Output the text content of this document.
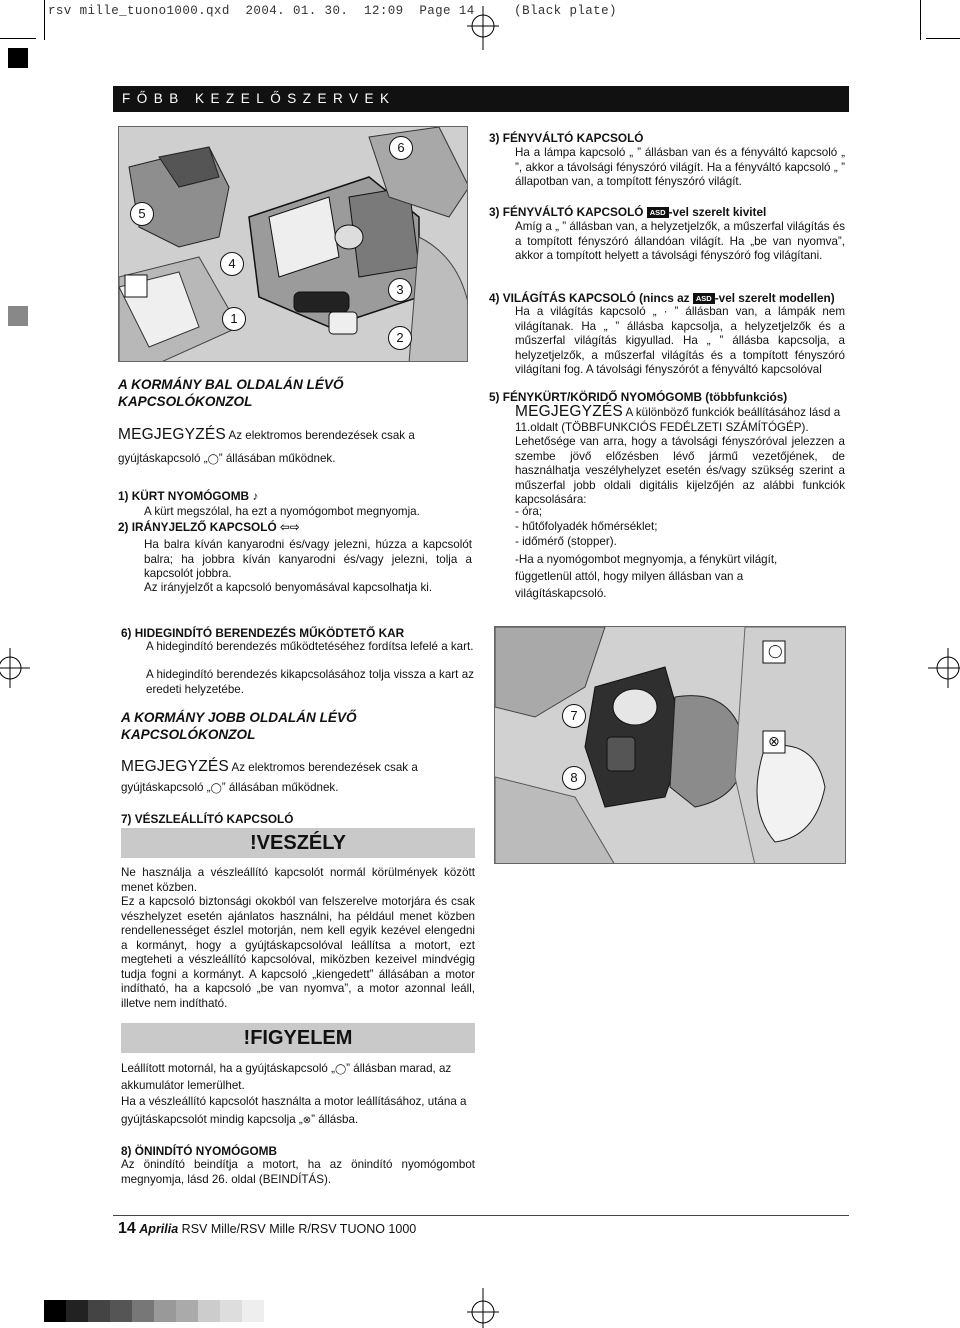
rsv mille_tuono1000.qxd  2004. 01. 30.  12:09  Page 14     (Black plate)
FŐBB KEZELŐSZERVEK
6
5
4
3
1
2
A KORMÁNY BAL OLDALÁN LÉVŐ KAPCSOLÓKONZOL
MEGJEGYZÉS Az elektromos berendezések csak a
gyújtáskapcsoló „◯” állásában működnek.
1) KÜRT NYOMÓGOMB ♪
A kürt megszólal, ha ezt a nyomógombot megnyomja.
2) IRÁNYJELZŐ KAPCSOLÓ ⇦⇨
Ha balra kíván kanyarodni és/vagy jelezni, húzza a kapcsolót balra; ha jobbra kíván kanyarodni és/vagy jelezni, tolja a kapcsolót jobbra.
Az irányjelzőt a kapcsoló benyomásával kapcsolhatja ki.
3) FÉNYVÁLTÓ KAPCSOLÓ
Ha a lámpa kapcsoló „ ” állásban van és a fényváltó kapcsoló „ ”, akkor a távolsági fényszóró világít. Ha a fényváltó kapcsoló „ ” állapotban van, a tompított fényszóró világít.
3) FÉNYVÁLTÓ KAPCSOLÓ ASD -vel szerelt kivitel
Amíg a „ ” állásban van, a helyzetjelzők, a műszerfal világítás és a tompított fényszóró állandóan világít. Ha „be van nyomva”, akkor a tompított helyett a távolsági fényszóró fog világítani.
4) VILÁGÍTÁS KAPCSOLÓ (nincs az ASD -vel szerelt modellen)
Ha a világítás kapcsoló „ · ” állásban van, a lámpák nem világítanak. Ha „ ” állásba kapcsolja, a helyzetjelzők és a műszerfal világítás kigyullad. Ha „ ” állásba kapcsolja, a helyzetjelzők, a műszerfal világítás és a tompított fényszóró világítani fog. A távolsági fényszórót a fényváltó kapcsolóval
5) FÉNYKÜRT/KÖRIDŐ NYOMÓGOMB (többfunkciós)
MEGJEGYZÉS A különböző funkciók beállításához lásd a 11.oldalt (TÖBBFUNKCIÓS FEDÉLZETI SZÁMÍTÓGÉP).
Lehetősége van arra, hogy a távolsági fényszóróval jelezzen a szembe jövő előzésben lévő jármű vezetőjének, de használhatja veszélyhelyzet esetén és/vagy szükség szerint a műszerfal jobb oldali digitális kijelzőjén az alábbi funkciók kapcsolására:
- óra;
- hűtőfolyadék hőmérséklet;
- időmérő (stopper).
-Ha a nyomógombot megnyomja, a fénykürt világít, függetlenül attól, hogy milyen állásban van a világításkapcsoló.
6) HIDEGINDÍTÓ BERENDEZÉS MŰKÖDTETŐ KAR
A hidegindító berendezés működtetéséhez fordítsa lefelé a kart.
A hidegindító berendezés kikapcsolásához tolja vissza a kart az eredeti helyzetébe.
A KORMÁNY JOBB OLDALÁN LÉVŐ KAPCSOLÓKONZOL
MEGJEGYZÉS Az elektromos berendezések csak a
gyújtáskapcsoló „◯” állásában működnek.
7) VÉSZLEÁLLÍTÓ KAPCSOLÓ
!VESZÉLY
Ne használja a vészleállító kapcsolót normál körülmények között menet közben.
Ez a kapcsoló biztonsági okokból van felszerelve motorjára és csak vészhelyzet esetén ajánlatos használni, ha például menet közben rendellenességet észlel motorján, nem kell egyik kezével elengedni a kormányt, hogy a gyújtáskapcsolóval leállítsa a motort, ezt megteheti a vészleállító kapcsolóval, miközben kezeivel mindvégig tudja fogni a kormányt. A kapcsoló „kiengedett” állásában a motor indítható, ha a kapcsoló „be van nyomva”, a motor azonnal leáll, illetve nem indítható.
!FIGYELEM
Leállított motornál, ha a gyújtáskapcsoló „◯” állásban marad, az
akkumulátor lemerülhet.
Ha a vészleállító kapcsolót használta a motor leállításához, utána a
gyújtáskapcsolót mindig kapcsolja „⊗” állásba.
8) ÖNINDÍTÓ NYOMÓGOMB
Az önindító beindítja a motort, ha az önindító nyomógombot megnyomja, lásd 26. oldal (BEINDÍTÁS).
7
8
◯
⊗
14 Aprilia RSV Mille/RSV Mille R/RSV TUONO 1000
